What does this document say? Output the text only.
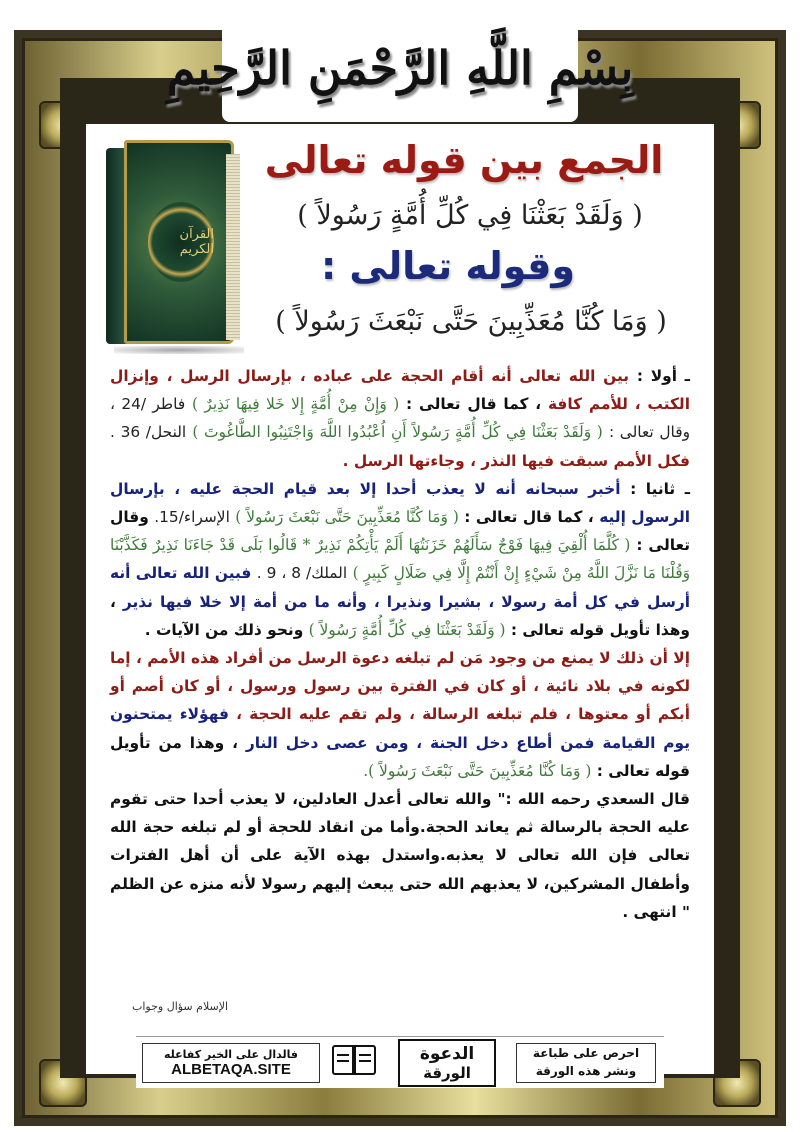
بِسْمِ اللَّهِ الرَّحْمَنِ الرَّحِيمِ
القرآن الكريم
الجمع بين قوله تعالى
( وَلَقَدْ بَعَثْنَا فِي كُلِّ أُمَّةٍ رَسُولاً )
وقوله تعالى :
( وَمَا كُنَّا مُعَذِّبِينَ حَتَّى نَبْعَثَ رَسُولاً )

ـ أولا : بين الله تعالى أنه أقام الحجة على عباده ، بإرسال الرسل ، وإنزال الكتب ، للأمم كافة ، كما قال تعالى : ( وَإِنْ مِنْ أُمَّةٍ إِلا خَلا فِيهَا نَذِيرٌ ) فاطر /24 ، وقال تعالى : ( وَلَقَدْ بَعَثْنَا فِي كُلِّ أُمَّةٍ رَسُولاً أَنِ اُعْبُدُوا اللَّهَ وَاجْتَنِبُوا الطَّاغُوتَ ) النحل/ 36 . فكل الأمم سبقت فيها النذر ، وجاءتها الرسل .

ـ ثانيا : أخبر سبحانه أنه لا يعذب أحدا إلا بعد قيام الحجة عليه ، بإرسال الرسول إليه ، كما قال تعالى : ( وَمَا كُنَّا مُعَذِّبِينَ حَتَّى نَبْعَثَ رَسُولاً ) الإسراء/15. وقال تعالى : ( كُلَّمَا أُلْقِيَ فِيهَا فَوْجٌ سَأَلَهُمْ خَزَنَتُهَا أَلَمْ يَأْتِكُمْ نَذِيرٌ * قَالُوا بَلَى قَدْ جَاءَنَا نَذِيرٌ فَكَذَّبْنَا وَقُلْنَا مَا نَزَّلَ اللَّهُ مِنْ شَيْءٍ إِنْ أَنْتُمْ إِلَّا فِي ضَلَالٍ كَبِيرٍ ) الملك/ 8 ، 9 . فبين الله تعالى أنه أرسل في كل أمة رسولا ، بشيرا ونذيرا ، وأنه ما من أمة إلا خلا فيها نذير ، وهذا تأويل قوله تعالى : ( وَلَقَدْ بَعَثْنَا فِي كُلِّ أُمَّةٍ رَسُولاً ) ونحو ذلك من الآيات .

إلا أن ذلك لا يمنع من وجود مَن لم تبلغه دعوة الرسل من أفراد هذه الأمم ، إما لكونه في بلاد نائية ، أو كان في الفترة بين رسول ورسول ، أو كان أصم أو أبكم أو معتوها ، فلم تبلغه الرسالة ، ولم تقم عليه الحجة ، فهؤلاء يمتحنون يوم القيامة فمن أطاع دخل الجنة ، ومن عصى دخل النار ، وهذا من تأويل قوله تعالى : ( وَمَا كُنَّا مُعَذِّبِينَ حَتَّى نَبْعَثَ رَسُولاً ).

قال السعدي رحمه الله :" والله تعالى أعدل العادلين، لا يعذب أحدا حتى تقوم عليه الحجة بالرسالة ثم يعاند الحجة.وأما من انقاد للحجة أو لم تبلغه حجة الله تعالى فإن الله تعالى لا يعذبه.واستدل بهذه الآية على أن أهل الفترات وأطفال المشركين، لا يعذبهم الله حتى يبعث إليهم رسولا لأنه منزه عن الظلم " انتهى .

الإسلام سؤال وجواب
فالدال على الخير كفاعله
ALBETAQA.SITE
الدعوة
الورقة
احرص على طباعة
ونشر هذه الورقة
